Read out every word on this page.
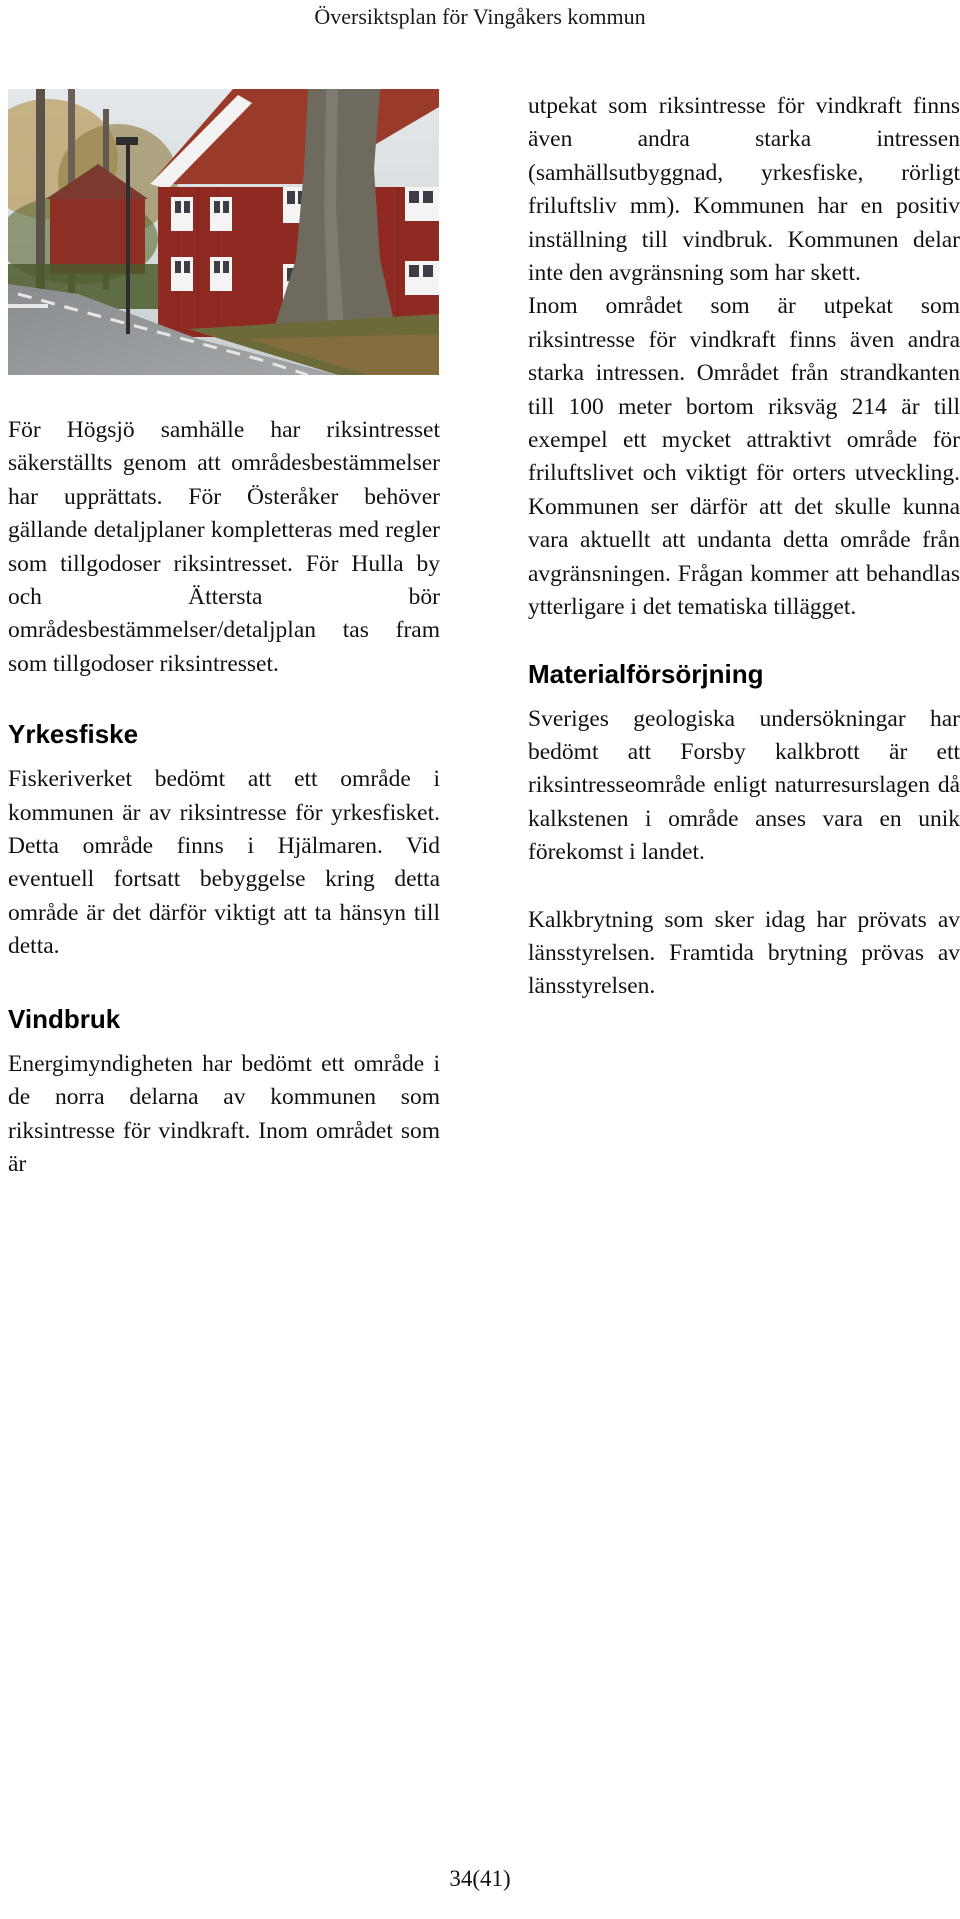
Översiktsplan för Vingåkers kommun

För Högsjö samhälle har riksintresset säkerställts genom att områdesbestämmelser har upprättats. För Österåker behöver gällande detaljplaner kompletteras med regler som tillgodoser riksintresset. För Hulla by och Ättersta bör områdesbestämmelser/detaljplan tas fram som tillgodoser riksintresset.

Yrkesfiske

Fiskeriverket bedömt att ett område i kommunen är av riksintresse för yrkesfisket. Detta område finns i Hjälmaren. Vid eventuell fortsatt bebyggelse kring detta område är det därför viktigt att ta hänsyn till detta.

Vindbruk

Energimyndigheten har bedömt ett område i de norra delarna av kommunen som riksintresse för vindkraft. Inom området som är

utpekat som riksintresse för vindkraft finns även andra starka intressen (samhällsutbyggnad, yrkesfiske, rörligt friluftsliv mm). Kommunen har en positiv inställning till vindbruk. Kommunen delar inte den avgränsning som har skett.

Inom området som är utpekat som riksintresse för vindkraft finns även andra starka intressen. Området från strandkanten till 100 meter bortom riksväg 214 är till exempel ett mycket attraktivt område för friluftslivet och viktigt för orters utveckling. Kommunen ser därför att det skulle kunna vara aktuellt att undanta detta område från avgränsningen. Frågan kommer att behandlas ytterligare i det tematiska tillägget.

Materialförsörjning

Sveriges geologiska undersökningar har bedömt att Forsby kalkbrott är ett riksintresseområde enligt naturresurslagen då kalkstenen i område anses vara en unik förekomst i landet.

Kalkbrytning som sker idag har prövats av länsstyrelsen. Framtida brytning prövas av länsstyrelsen.

34(41)
